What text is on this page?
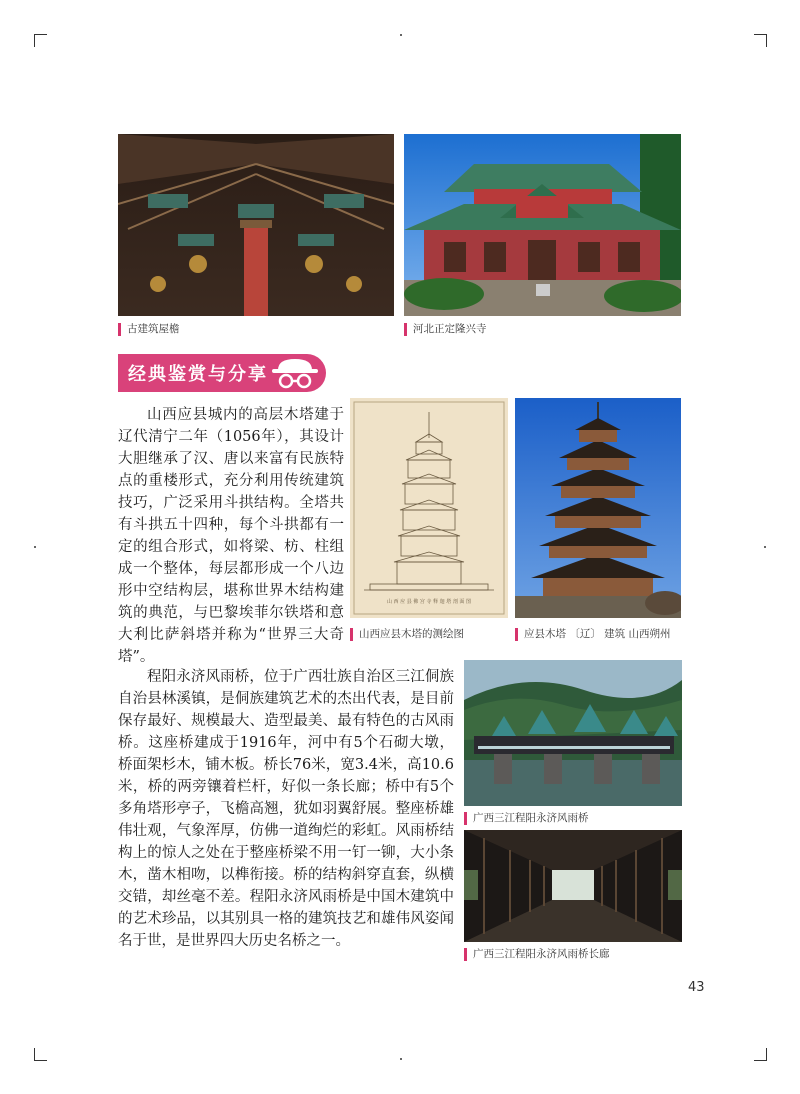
古建筑屋檐	河北正定隆兴寺
经典鉴赏与分享

山西应县城内的高层木塔建于辽代清宁二年（1056年），其设计大胆继承了汉、唐以来富有民族特点的重楼形式，充分利用传统建筑技巧，广泛采用斗拱结构。全塔共有斗拱五十四种，每个斗拱都有一定的组合形式，如将梁、枋、柱组成一个整体，每层都形成一个八边形中空结构层，堪称世界木结构建筑的典范，与巴黎埃菲尔铁塔和意大利比萨斜塔并称为“世界三大奇塔”。

山 西 应 县 佛 宫 寺 释 迦 塔 剖 面 图
山西应县木塔的测绘图	应县木塔 〔辽〕 建筑 山西朔州

程阳永济风雨桥，位于广西壮族自治区三江侗族自治县林溪镇，是侗族建筑艺术的杰出代表，是目前保存最好、规模最大、造型最美、最有特色的古风雨桥。这座桥建成于1916年，河中有5个石砌大墩，桥面架杉木，铺木板。桥长76米，宽3.4米，高10.6米，桥的两旁镶着栏杆，好似一条长廊；桥中有5个多角塔形亭子，飞檐高翘，犹如羽翼舒展。整座桥雄伟壮观，气象浑厚，仿佛一道绚烂的彩虹。风雨桥结构上的惊人之处在于整座桥梁不用一钉一铆，大小条木，凿木相吻，以榫衔接。桥的结构斜穿直套，纵横交错，却丝毫不差。程阳永济风雨桥是中国木建筑中的艺术珍品，以其别具一格的建筑技艺和雄伟风姿闻名于世，是世界四大历史名桥之一。

广西三江程阳永济风雨桥
广西三江程阳永济风雨桥长廊
43
